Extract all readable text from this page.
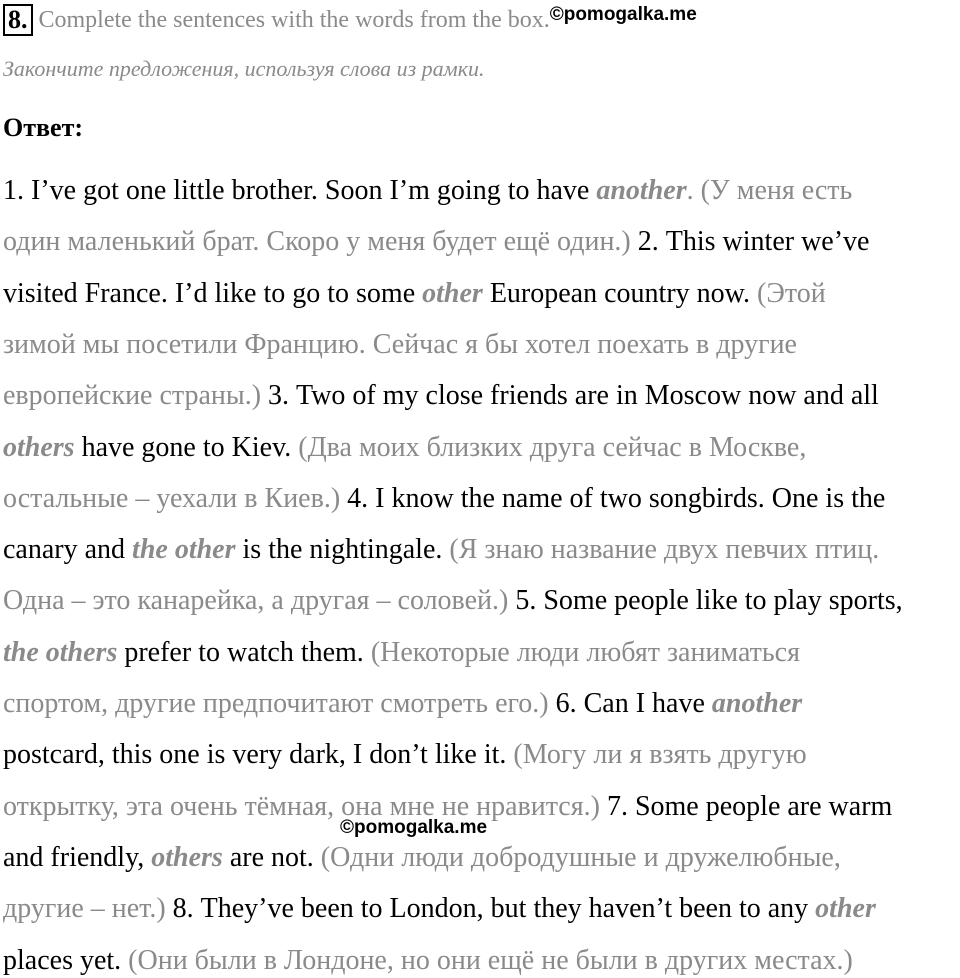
8. Complete the sentences with the words from the box.©pomogalka.me
Закончите предложения, используя слова из рамки.
Ответ:
1. I’ve got one little brother. Soon I’m going to have another. (У меня есть
один маленький брат. Скоро у меня будет ещё один.) 2. This winter we’ve
visited France. I’d like to go to some other European country now. (Этой
зимой мы посетили Францию. Сейчас я бы хотел поехать в другие
европейские страны.) 3. Two of my close friends are in Moscow now and all
others have gone to Kiev. (Два моих близких друга сейчас в Москве,
остальные – уехали в Киев.) 4. I know the name of two songbirds. One is the
canary and the other is the nightingale. (Я знаю название двух певчих птиц.
Одна – это канарейка, а другая – соловей.) 5. Some people like to play sports,
the others prefer to watch them. (Некоторые люди любят заниматься
спортом, другие предпочитают смотреть его.) 6. Can I have another
postcard, this one is very dark, I don’t like it. (Могу ли я взять другую
открытку, эта очень тёмная, она мне не нравится.) 7. Some people are warm
and friendly, others are not. (Одни люди добродушные и дружелюбные,
другие – нет.) 8. They’ve been to London, but they haven’t been to any other
places yet. (Они были в Лондоне, но они ещё не были в других местах.)
©pomogalka.me
